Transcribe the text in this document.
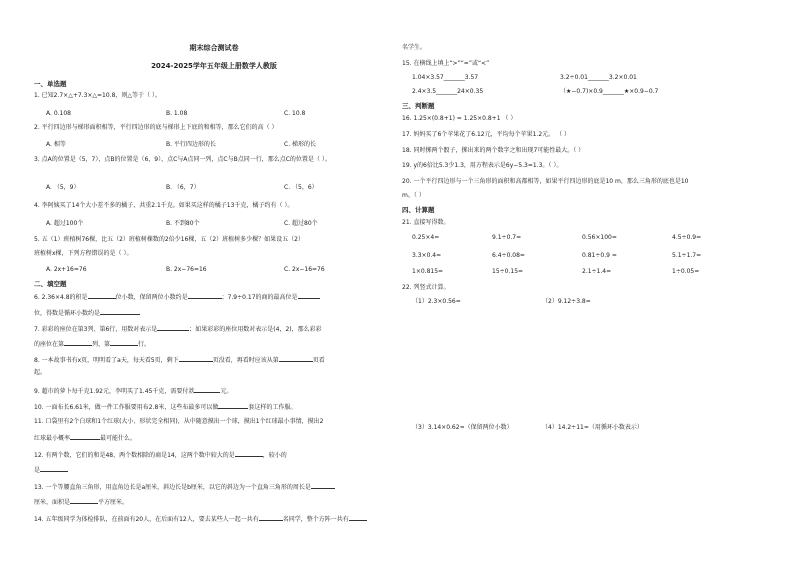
期末综合测试卷
2024-2025学年五年级上册数学人教版
一、单选题
1. 已知2.7×△+7.3×△=10.8，则△等于（ ）。
A. 0.108	B. 1.08	C. 10.8
2. 平行四边形与梯形面积相等，平行四边形的底与梯形上下底的和相等，那么它们的高（ ）
A. 相等	B. 平行四边形的长	C. 梯形的长
3. 点A的位置是（5，7），点B的位置是（6，9），点C与A点同一列，点C与B点同一行，那么点C的位置是（ ）。
A. （5，9）	B. （6，7）	C. （5，6）
4. 李阿姨买了14个大小差不多的橘子，共重2.1千克。如果买这样的橘子13千克，橘子约有（ ）。
A. 超过100个	B. 不到80个	C. 超过80个
5. 五（1）班植树76棵，比五（2）班植树棵数的2倍少16棵，五（2）班植树多少棵？如果设五（2）
班植树x棵，下列方程错误的是（ ）。
A. 2x+16=76	B. 2x−76=16	C. 2x−16=76
二、填空题
6. 2.36×4.8的积是	位小数，保留两位小数约是	；7.9÷0.17的商的最高位是
位，得数是循环小数约是
7. 彩彩的座位在第3列、第6行，用数对表示是	；如果彩彩的座位用数对表示是(4，2)，那么彩彩
的座位在第	列、第	行。
8. 一本故事书有x页，明明看了a天，每天看5页，剩下	页没看，再看时应该从第	页看
起。
9. 超市的萝卜每千克1.92元，李明买了1.45千克，需要付款	元。
10. 一面布长6.61米，做一件工作服要用布2.8米，这些布最多可以做	套这样的工作服。
11. 口袋里有2个白球和1个红球(大小、形状完全相同)，从中随意摸出一个球，摸出1个红球最小事情，摸出2
红球最小概率	最可能什么。
12. 有两个数，它们的和是48，两个数相除的商是14，这两个数中较大的是	，较小的
是
13. 一个等腰直角三角形，用直角边长是a厘米，斜边长是b厘米，以它的斜边为一个直角三角形的周长是
厘米，面积是	平方厘米。
14. 五年级同学为体检排队，在前面有20人，在后面有12人，要去某些人一起一共有	名同学，整个方阵一共有
名学生。
15. 在横线上填上“>”“=”或“<”
1.04×3.57_______3.57	3.2÷0.01_______3.2×0.01
2.4×3.5_______24×0.35	（★−0.7)×0.9_______★×0.9−0.7
三、判断题
16. 1.25×(0.8+1) = 1.25×0.8+1 （ ）
17. 妈妈买了6个苹果花了6.12元，平均每个苹果1.2元。 （ ）
18. 同时掷两个骰子，掷出来的两个数字之和出现7可能性最大。（ ）
19. y的6倍比5.3少1.3，用方程表示是6y−5.3=1.3。（ ）。
20. 一个平行四边形与一个三角形的面积和高都相等，如果平行四边形的底是10 m，那么三角形的底也是10
m。（ ）
四、计算题
21. 直接写得数。
0.25×4=	9.1÷0.7=	0.56×100=	4.5÷0.9=
3.3×0.4=	6.4÷0.08=	0.81÷0.9 =	5.1÷1.7=
1×0.815=	15÷0.15=	2.1÷1.4=	1÷0.05=
22. 列竖式计算。
（1）2.3×0.56=	（2）9.12÷3.8=
（3）3.14×0.62≈（保留两位小数）	（4）14.2÷11=（用循环小数表示）
